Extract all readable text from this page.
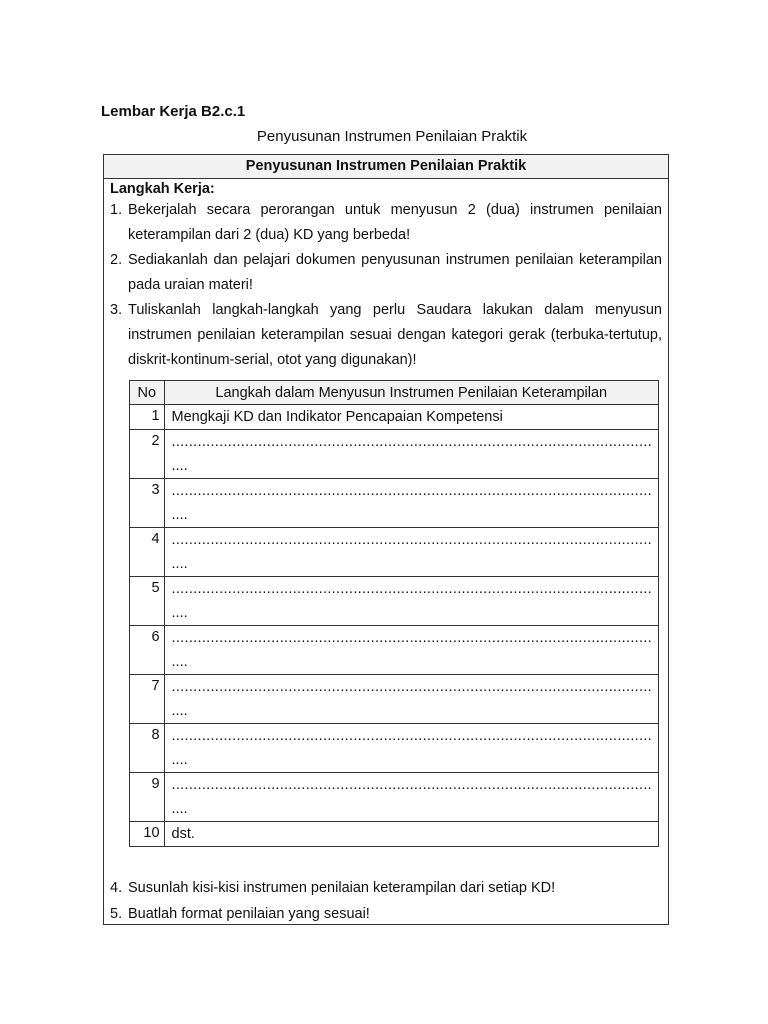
Lembar Kerja B2.c.1
Penyusunan Instrumen Penilaian Praktik
Penyusunan Instrumen Penilaian Praktik
Langkah Kerja:
1. Bekerjalah secara perorangan untuk menyusun 2 (dua) instrumen penilaian keterampilan dari 2 (dua) KD yang berbeda!
2. Sediakanlah dan pelajari dokumen penyusunan instrumen penilaian keterampilan pada uraian materi!
3. Tuliskanlah langkah-langkah yang perlu Saudara lakukan dalam menyusun instrumen penilaian keterampilan sesuai dengan kategori gerak (terbuka-tertutup, diskrit-kontinum-serial, otot yang digunakan)!
No	Langkah dalam Menyusun Instrumen Penilaian Keterampilan
1	Mengkaji KD dan Indikator Pencapaian Kompetensi
2	...............................................................................................................
....

3	...............................................................................................................
....

4	...............................................................................................................
....

5	...............................................................................................................
....

6	...............................................................................................................
....

7	...............................................................................................................
....

8	...............................................................................................................
....

9	...............................................................................................................
....

10	dst.
4. Susunlah kisi-kisi instrumen penilaian keterampilan dari setiap KD!
5. Buatlah format penilaian yang sesuai!
